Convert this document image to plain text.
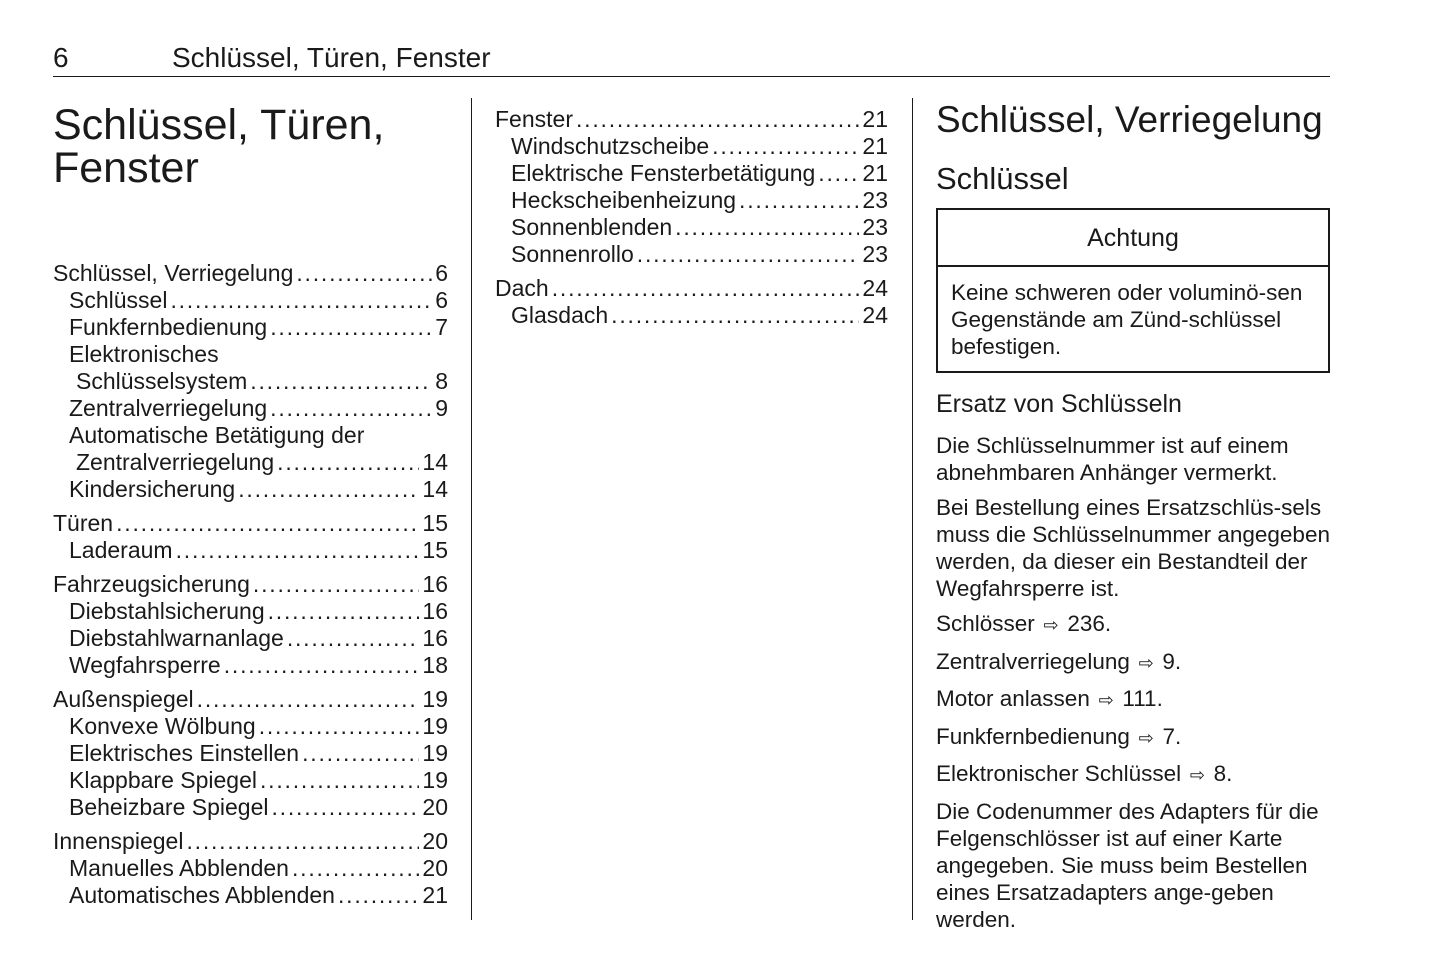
6	Schlüssel, Türen, Fenster
Schlüssel, Türen,
Fenster
Schlüssel, Verriegelung . . .	6
Schlüssel . . .	6
Funkfernbedienung . . .	7
Elektronisches
Schlüsselsystem . . .	8
Zentralverriegelung . . .	9
Automatische Betätigung der
Zentralverriegelung . . .	14
Kindersicherung . . .	14
Türen . . .	15
Laderaum . . .	15
Fahrzeugsicherung . . .	16
Diebstahlsicherung . . .	16
Diebstahlwarnanlage . . .	16
Wegfahrsperre . . .	18
Außenspiegel . . .	19
Konvexe Wölbung . . .	19
Elektrisches Einstellen . . .	19
Klappbare Spiegel . . .	19
Beheizbare Spiegel . . .	20
Innenspiegel . . .	20
Manuelles Abblenden . . .	20
Automatisches Abblenden . . .	21
Fenster . . .	21
Windschutzscheibe . . .	21
Elektrische Fensterbetätigung . . . 21
Heckscheibenheizung . . .	23
Sonnenblenden . . .	23
Sonnenrollo . . .	23
Dach . . .	24
Glasdach . . .	24
Schlüssel, Verriegelung
Schlüssel
Achtung
Keine schweren oder voluminö-sen Gegenstände am Zünd-schlüssel befestigen.
Ersatz von Schlüsseln

Die Schlüsselnummer ist auf einem abnehmbaren Anhänger vermerkt.

Bei Bestellung eines Ersatzschlüs-sels muss die Schlüsselnummer angegeben werden, da dieser ein Bestandteil der Wegfahrsperre ist.

Schlösser ⇨ 236.

Zentralverriegelung ⇨ 9.

Motor anlassen ⇨ 111.

Funkfernbedienung ⇨ 7.

Elektronischer Schlüssel ⇨ 8.

Die Codenummer des Adapters für die Felgenschlösser ist auf einer Karte angegeben. Sie muss beim Bestellen eines Ersatzadapters ange-geben werden.
